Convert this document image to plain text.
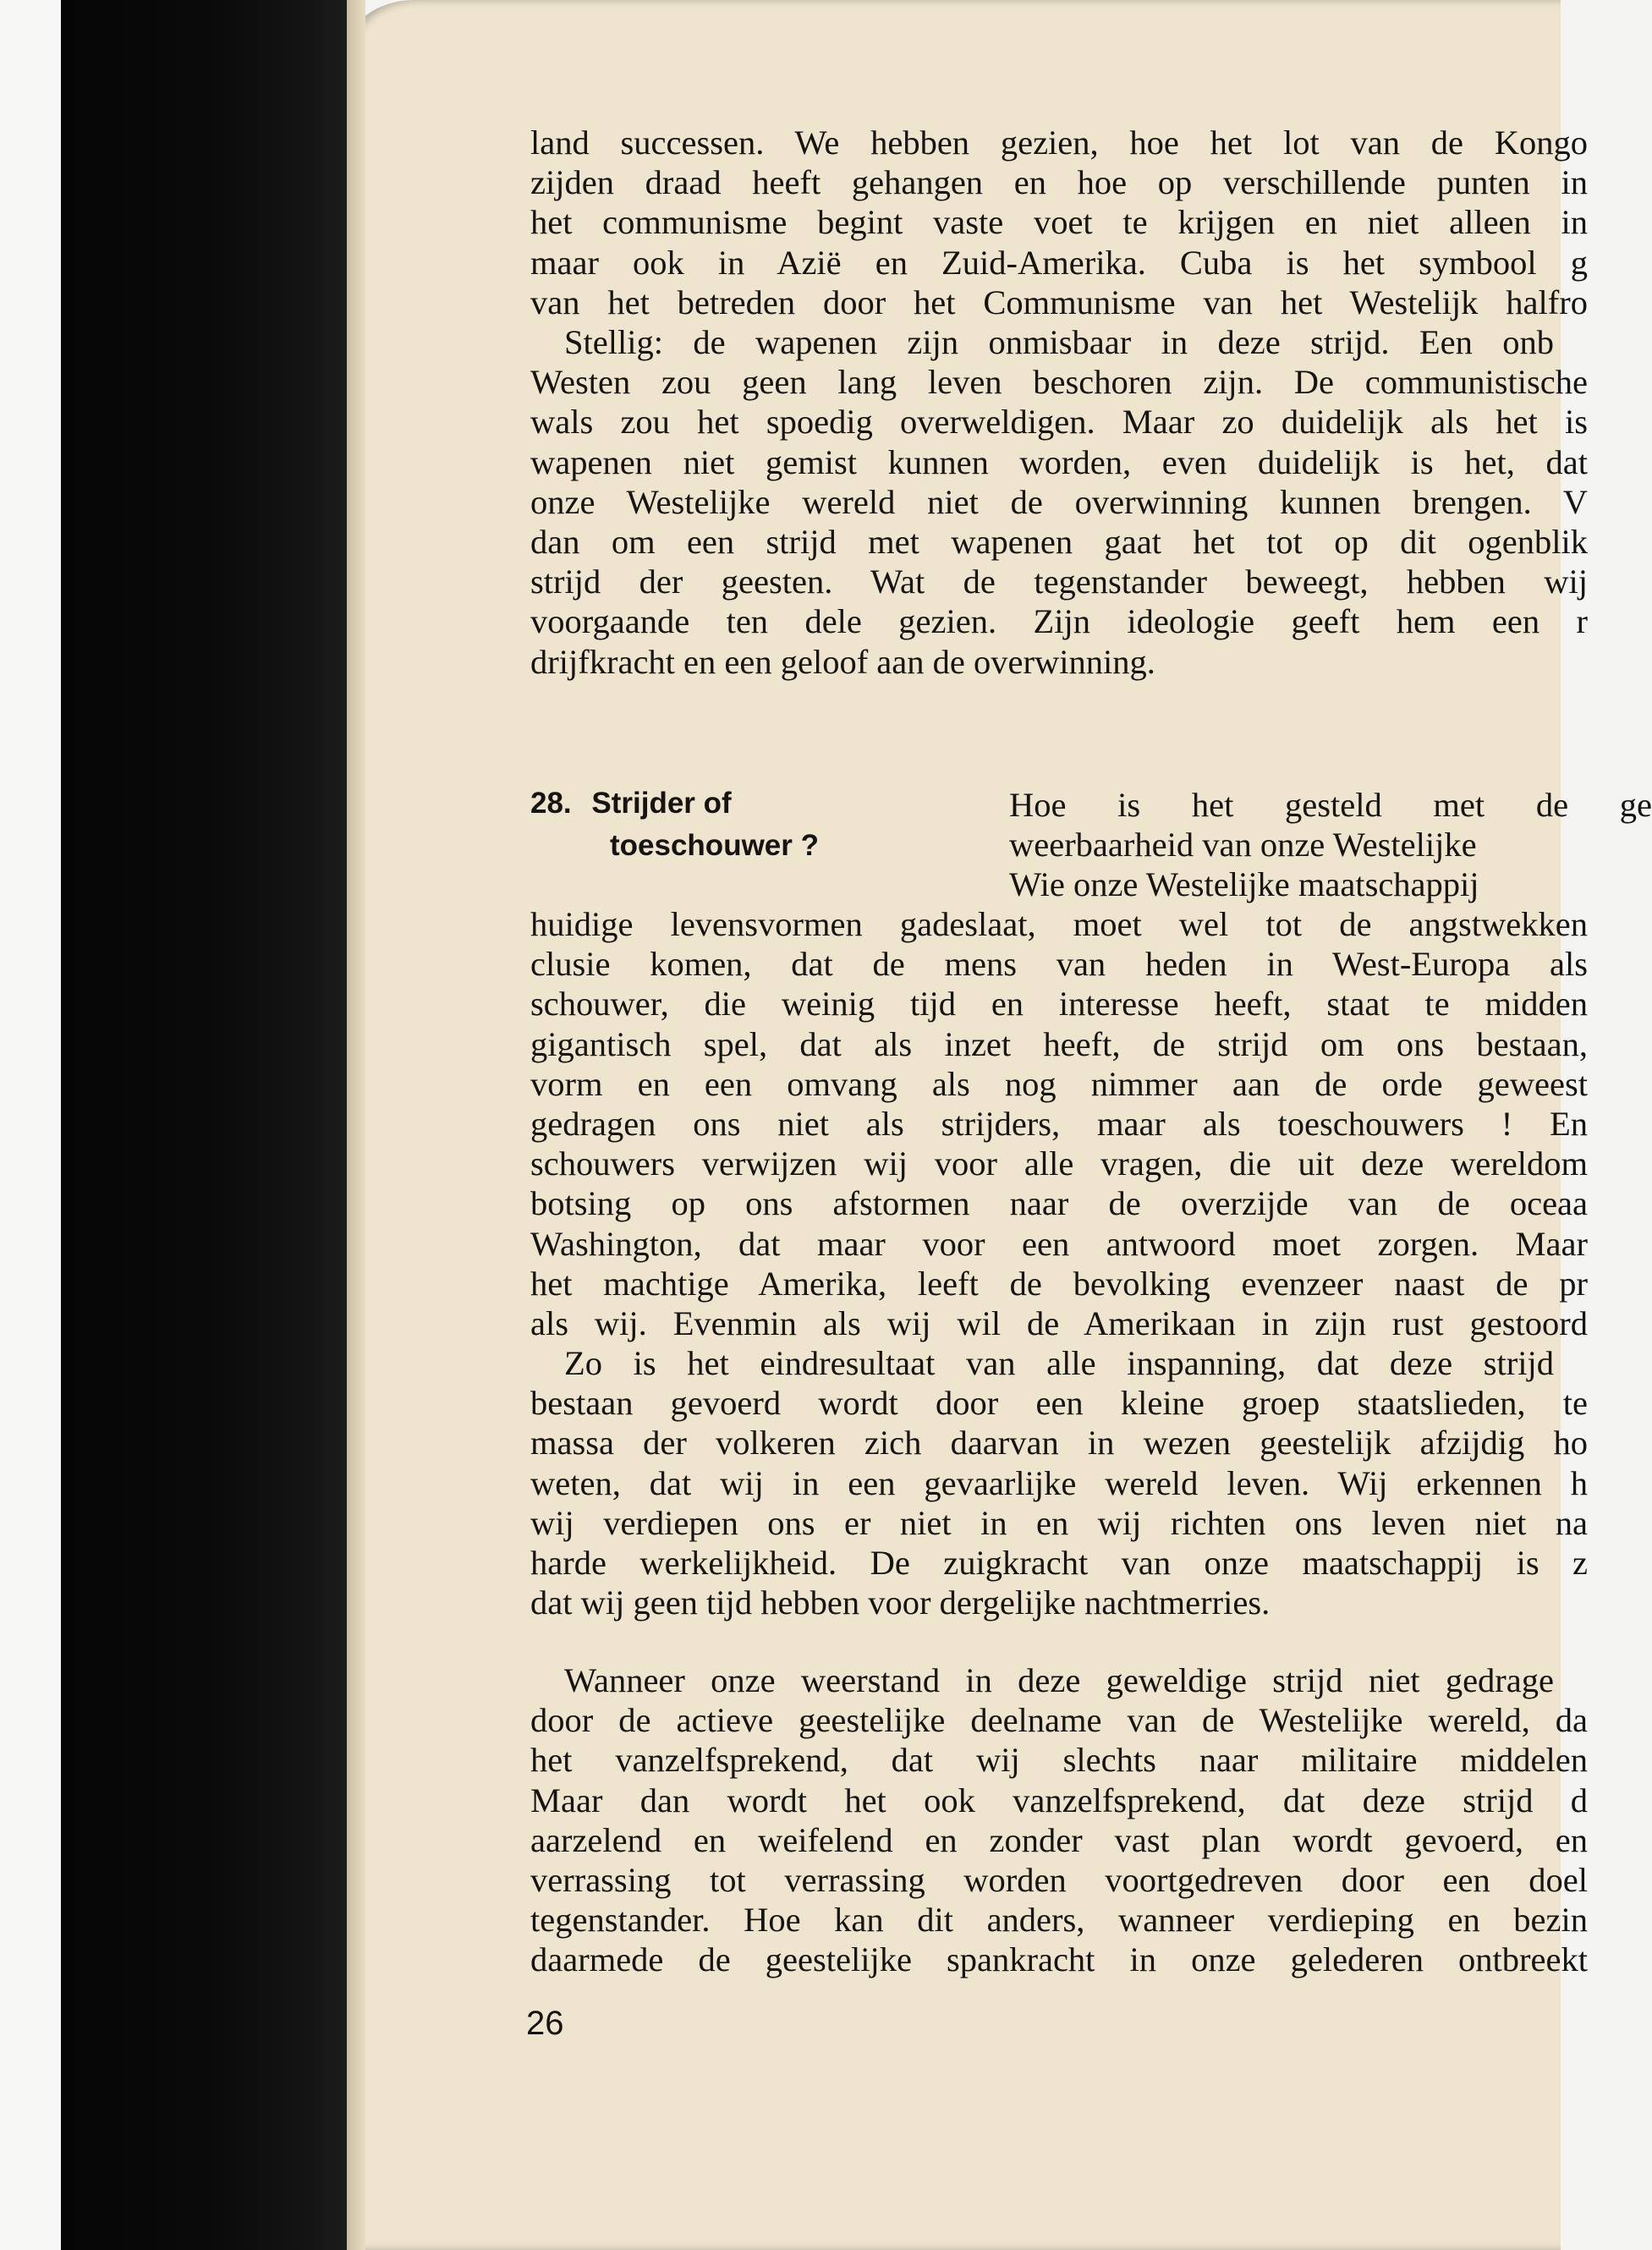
land successen. We hebben gezien, hoe het lot van de Kongo
zijden draad heeft gehangen en hoe op verschillende punten in
het communisme begint vaste voet te krijgen en niet alleen in
maar ook in Azië en Zuid-Amerika. Cuba is het symbool g
van het betreden door het Communisme van het Westelijk halfro
Stellig: de wapenen zijn onmisbaar in deze strijd. Een onb
Westen zou geen lang leven beschoren zijn. De communistische
wals zou het spoedig overweldigen. Maar zo duidelijk als het is
wapenen niet gemist kunnen worden, even duidelijk is het, dat
onze Westelijke wereld niet de overwinning kunnen brengen. V
dan om een strijd met wapenen gaat het tot op dit ogenblik
strijd der geesten. Wat de tegenstander beweegt, hebben wij
voorgaande ten dele gezien. Zijn ideologie geeft hem een r
drijfkracht en een geloof aan de overwinning.
28. Strijder of
toeschouwer ?
Hoe is het gesteld met de ge
weerbaarheid van onze Westelijke
Wie onze Westelijke maatschappij
huidige levensvormen gadeslaat, moet wel tot de angstwekken
clusie komen, dat de mens van heden in West-Europa als
schouwer, die weinig tijd en interesse heeft, staat te midden
gigantisch spel, dat als inzet heeft, de strijd om ons bestaan,
vorm en een omvang als nog nimmer aan de orde geweest
gedragen ons niet als strijders, maar als toeschouwers ! En
schouwers verwijzen wij voor alle vragen, die uit deze wereldom
botsing op ons afstormen naar de overzijde van de oceaa
Washington, dat maar voor een antwoord moet zorgen. Maar
het machtige Amerika, leeft de bevolking evenzeer naast de pr
als wij. Evenmin als wij wil de Amerikaan in zijn rust gestoord
Zo is het eindresultaat van alle inspanning, dat deze strijd
bestaan gevoerd wordt door een kleine groep staatslieden, te
massa der volkeren zich daarvan in wezen geestelijk afzijdig ho
weten, dat wij in een gevaarlijke wereld leven. Wij erkennen h
wij verdiepen ons er niet in en wij richten ons leven niet na
harde werkelijkheid. De zuigkracht van onze maatschappij is z
dat wij geen tijd hebben voor dergelijke nachtmerries.
Wanneer onze weerstand in deze geweldige strijd niet gedrage
door de actieve geestelijke deelname van de Westelijke wereld, da
het vanzelfsprekend, dat wij slechts naar militaire middelen
Maar dan wordt het ook vanzelfsprekend, dat deze strijd d
aarzelend en weifelend en zonder vast plan wordt gevoerd, en
verrassing tot verrassing worden voortgedreven door een doel
tegenstander. Hoe kan dit anders, wanneer verdieping en bezin
daarmede de geestelijke spankracht in onze gelederen ontbreekt
26
